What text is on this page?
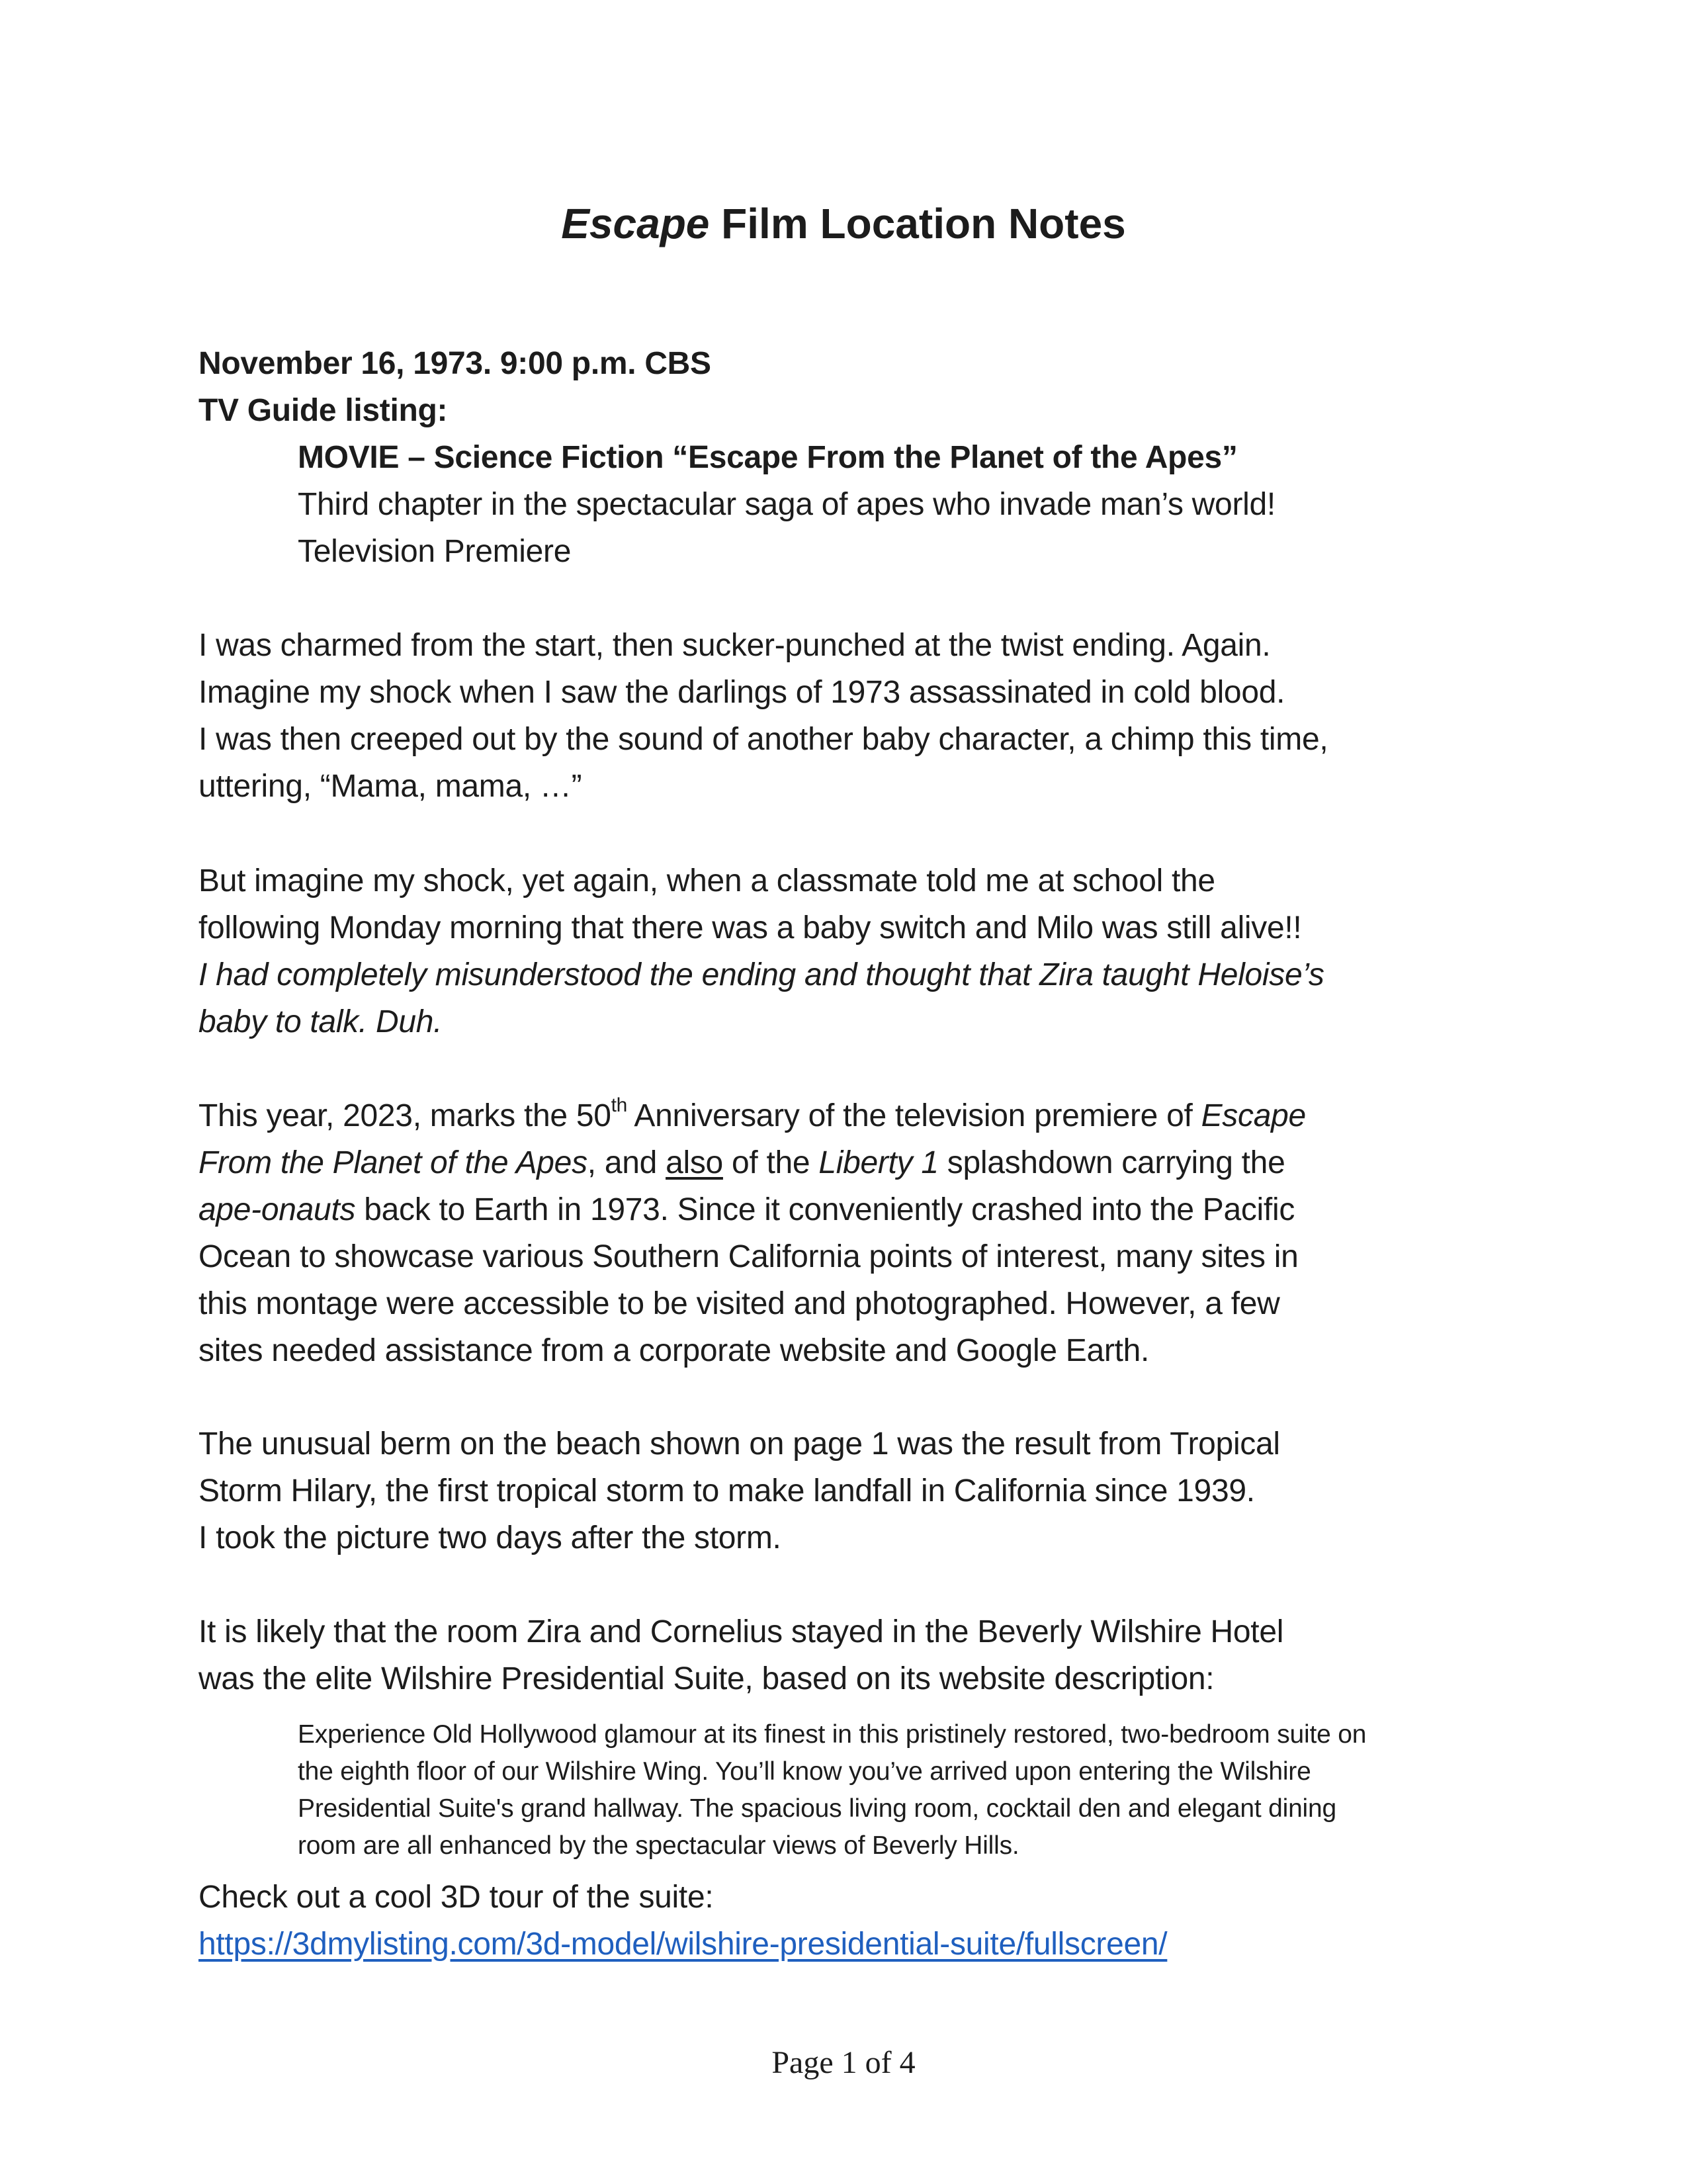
Escape Film Location Notes
November 16, 1973. 9:00 p.m. CBS
TV Guide listing:
MOVIE – Science Fiction “Escape From the Planet of the Apes”
Third chapter in the spectacular saga of apes who invade man’s world!
Television Premiere
I was charmed from the start, then sucker-punched at the twist ending. Again.
Imagine my shock when I saw the darlings of 1973 assassinated in cold blood.
I was then creeped out by the sound of another baby character, a chimp this time,
uttering, “Mama, mama, …”
But imagine my shock, yet again, when a classmate told me at school the
following Monday morning that there was a baby switch and Milo was still alive!!
I had completely misunderstood the ending and thought that Zira taught Heloise’s
baby to talk. Duh.
This year, 2023, marks the 50th Anniversary of the television premiere of Escape
From the Planet of the Apes, and also of the Liberty 1 splashdown carrying the
ape-onauts back to Earth in 1973. Since it conveniently crashed into the Pacific
Ocean to showcase various Southern California points of interest, many sites in
this montage were accessible to be visited and photographed. However, a few
sites needed assistance from a corporate website and Google Earth.
The unusual berm on the beach shown on page 1 was the result from Tropical
Storm Hilary, the first tropical storm to make landfall in California since 1939.
I took the picture two days after the storm.
It is likely that the room Zira and Cornelius stayed in the Beverly Wilshire Hotel
was the elite Wilshire Presidential Suite, based on its website description:
Experience Old Hollywood glamour at its finest in this pristinely restored, two-bedroom suite on
the eighth floor of our Wilshire Wing. You’ll know you’ve arrived upon entering the Wilshire
Presidential Suite's grand hallway. The spacious living room, cocktail den and elegant dining
room are all enhanced by the spectacular views of Beverly Hills.
Check out a cool 3D tour of the suite:
https://3dmylisting.com/3d-model/wilshire-presidential-suite/fullscreen/
Page 1 of 4
